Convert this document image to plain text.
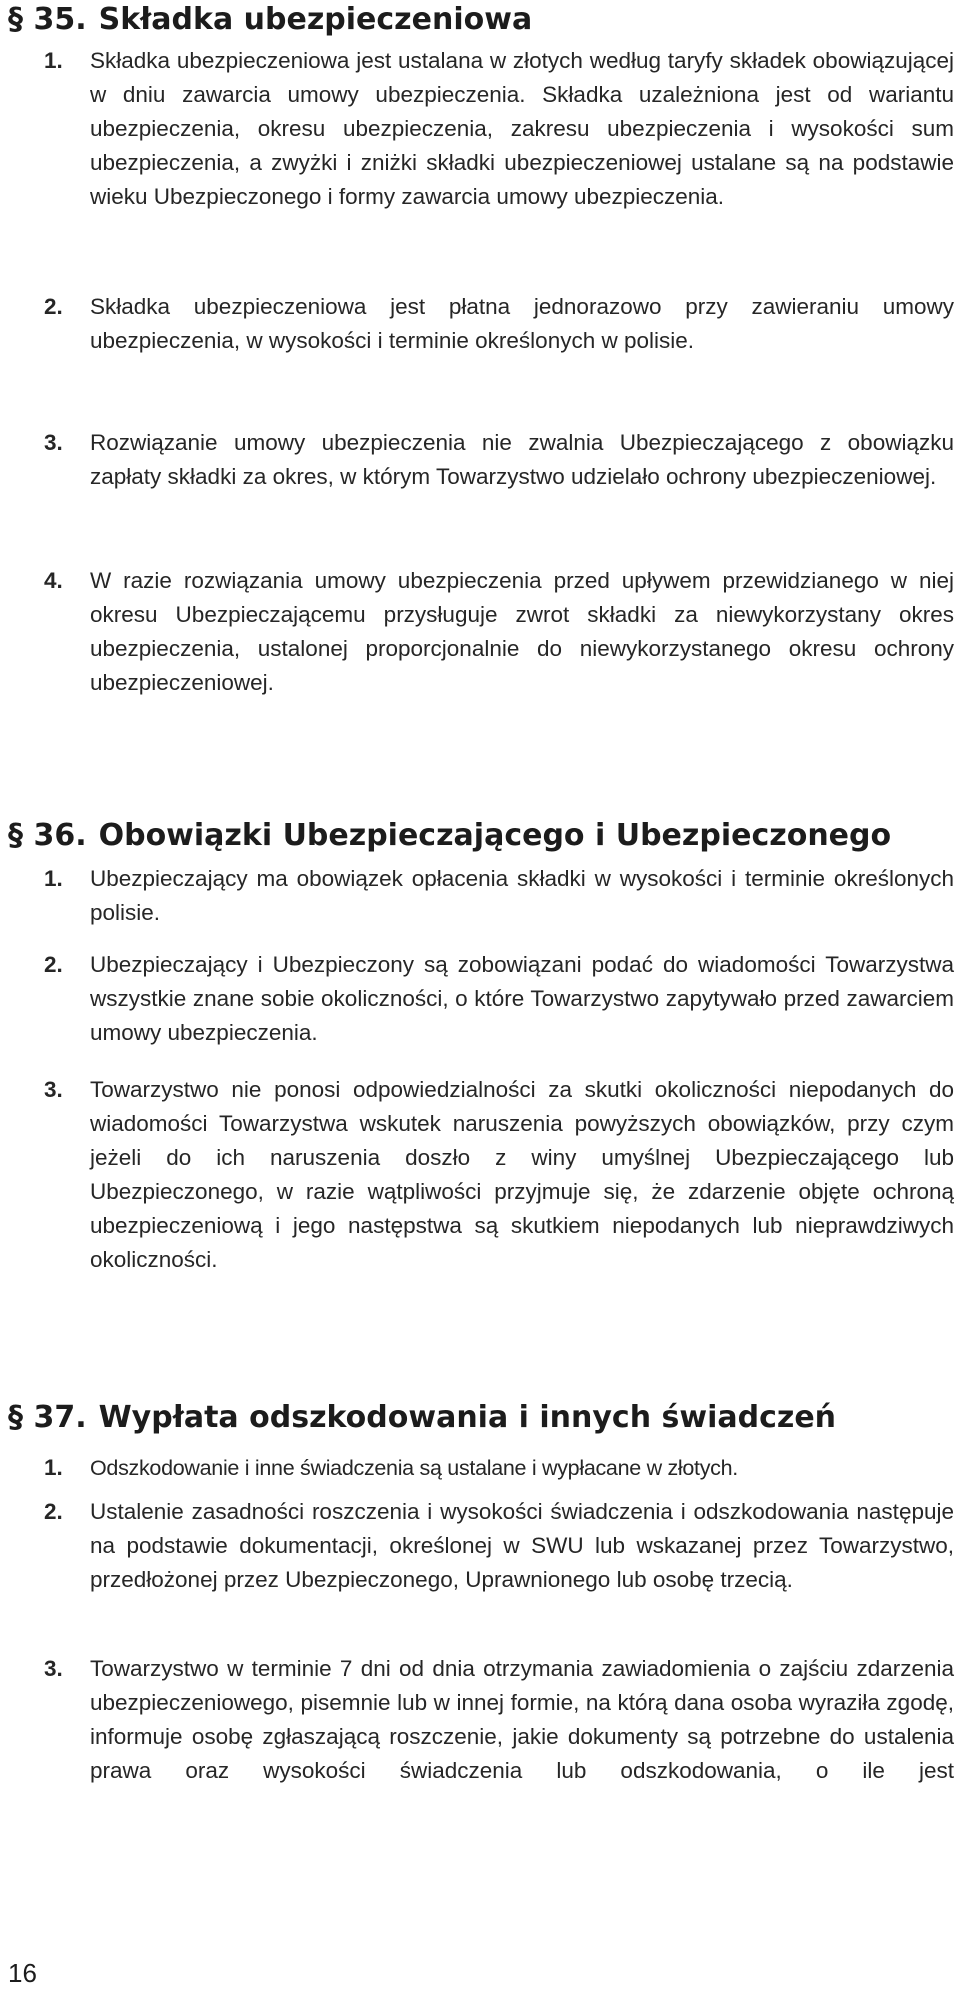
§ 35. Składka ubezpieczeniowa
1.	Składka ubezpieczeniowa jest ustalana w złotych według taryfy składek obowiązującej w dniu zawarcia umowy ubezpieczenia. Składka uzależniona jest od wariantu ubezpieczenia, okresu ubezpieczenia, zakresu ubezpieczenia i wysokości sum ubezpieczenia, a zwyżki i zniżki składki ubezpieczeniowej ustalane są na podstawie wieku Ubezpieczonego i formy zawarcia umowy ubezpieczenia.
2.	Składka ubezpieczeniowa jest płatna jednorazowo przy zawieraniu umowy ubezpieczenia, w wysokości i terminie określonych w polisie.
3.	Rozwiązanie umowy ubezpieczenia nie zwalnia Ubezpieczającego z obowiązku zapłaty składki za okres, w którym Towarzystwo udzielało ochrony ubezpieczeniowej.
4.	W razie rozwiązania umowy ubezpieczenia przed upływem przewidzianego w niej okresu Ubezpieczającemu przysługuje zwrot składki za niewykorzystany okres ubezpieczenia, ustalonej proporcjonalnie do niewykorzystanego okresu ochrony ubezpieczeniowej.
§ 36. Obowiązki Ubezpieczającego i Ubezpieczonego
1.	Ubezpieczający ma obowiązek opłacenia składki w wysokości i terminie określonych polisie.
2.	Ubezpieczający i Ubezpieczony są zobowiązani podać do wiadomości Towarzystwa wszystkie znane sobie okoliczności, o które Towarzystwo zapytywało przed zawarciem umowy ubezpieczenia.
3.	Towarzystwo nie ponosi odpowiedzialności za skutki okoliczności niepodanych do wiadomości Towarzystwa wskutek naruszenia powyższych obowiązków, przy czym jeżeli do ich naruszenia doszło z winy umyślnej Ubezpieczającego lub Ubezpieczonego, w razie wątpliwości przyjmuje się, że zdarzenie objęte ochroną ubezpieczeniową i jego następstwa są skutkiem niepodanych lub nieprawdziwych okoliczności.
§ 37. Wypłata odszkodowania i innych świadczeń
1.	Odszkodowanie i inne świadczenia są ustalane i wypłacane w złotych.
2.	Ustalenie zasadności roszczenia i wysokości świadczenia i odszkodowania następuje na podstawie dokumentacji, określonej w SWU lub wskazanej przez Towarzystwo, przedłożonej przez Ubezpieczonego, Uprawnionego lub osobę trzecią.
3.	Towarzystwo w terminie 7 dni od dnia otrzymania zawiadomienia o zajściu zdarzenia ubezpieczeniowego, pisemnie lub w innej formie, na którą dana osoba wyraziła zgodę, informuje osobę zgłaszającą roszczenie, jakie dokumenty są potrzebne do ustalenia prawa oraz wysokości świadczenia lub odszkodowania, o ile jest
16
